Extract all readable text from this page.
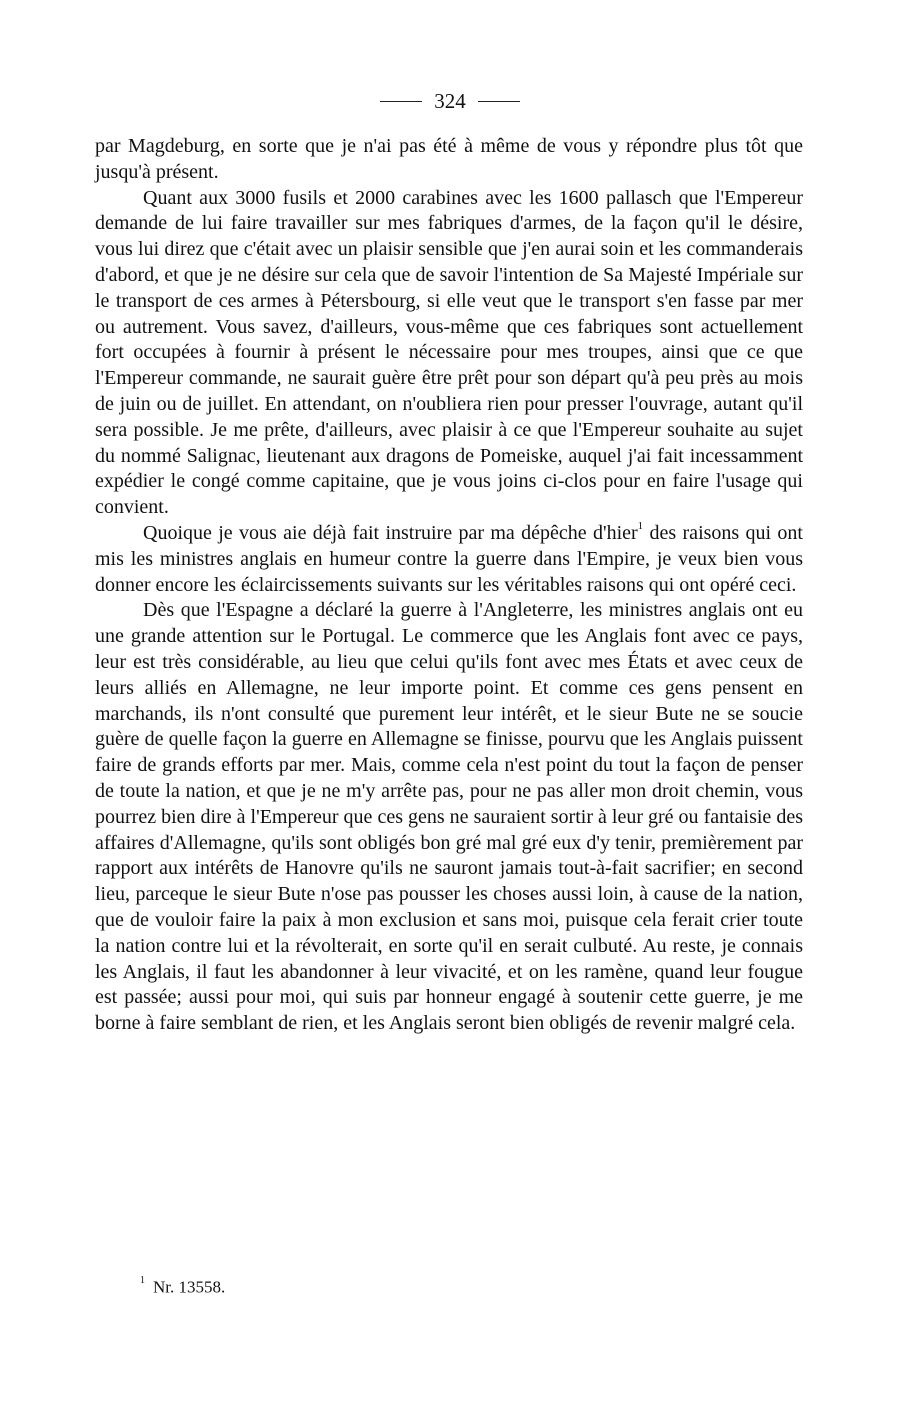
324

par Magdeburg, en sorte que je n'ai pas été à même de vous y répondre plus tôt que jusqu'à présent.

Quant aux 3000 fusils et 2000 carabines avec les 1600 pallasch que l'Empereur demande de lui faire travailler sur mes fabriques d'armes, de la façon qu'il le désire, vous lui direz que c'était avec un plaisir sensible que j'en aurai soin et les commanderais d'abord, et que je ne désire sur cela que de savoir l'intention de Sa Majesté Impériale sur le transport de ces armes à Pétersbourg, si elle veut que le transport s'en fasse par mer ou autrement. Vous savez, d'ailleurs, vous-même que ces fabriques sont actuellement fort occupées à fournir à présent le nécessaire pour mes troupes, ainsi que ce que l'Empereur commande, ne saurait guère être prêt pour son départ qu'à peu près au mois de juin ou de juillet. En attendant, on n'oubliera rien pour presser l'ouvrage, autant qu'il sera possible. Je me prête, d'ailleurs, avec plaisir à ce que l'Empereur souhaite au sujet du nommé Salignac, lieutenant aux dragons de Pomeiske, auquel j'ai fait incessamment expédier le congé comme capitaine, que je vous joins ci-clos pour en faire l'usage qui convient.

Quoique je vous aie déjà fait instruire par ma dépêche d'hier$^1$ des raisons qui ont mis les ministres anglais en humeur contre la guerre dans l'Empire, je veux bien vous donner encore les éclaircissements suivants sur les véritables raisons qui ont opéré ceci.

Dès que l'Espagne a déclaré la guerre à l'Angleterre, les ministres anglais ont eu une grande attention sur le Portugal. Le commerce que les Anglais font avec ce pays, leur est très considérable, au lieu que celui qu'ils font avec mes États et avec ceux de leurs alliés en Allemagne, ne leur importe point. Et comme ces gens pensent en marchands, ils n'ont consulté que purement leur intérêt, et le sieur Bute ne se soucie guère de quelle façon la guerre en Allemagne se finisse, pourvu que les Anglais puissent faire de grands efforts par mer. Mais, comme cela n'est point du tout la façon de penser de toute la nation, et que je ne m'y arrête pas, pour ne pas aller mon droit chemin, vous pourrez bien dire à l'Empereur que ces gens ne sauraient sortir à leur gré ou fantaisie des affaires d'Allemagne, qu'ils sont obligés bon gré mal gré eux d'y tenir, premièrement par rapport aux intérêts de Hanovre qu'ils ne sauront jamais tout-à-fait sacrifier; en second lieu, parceque le sieur Bute n'ose pas pousser les choses aussi loin, à cause de la nation, que de vouloir faire la paix à mon exclusion et sans moi, puisque cela ferait crier toute la nation contre lui et la révolterait, en sorte qu'il en serait culbuté. Au reste, je connais les Anglais, il faut les abandonner à leur vivacité, et on les ramène, quand leur fougue est passée; aussi pour moi, qui suis par honneur engagé à soutenir cette guerre, je me borne à faire semblant de rien, et les Anglais seront bien obligés de revenir malgré cela.

$^1$ Nr. 13558.
